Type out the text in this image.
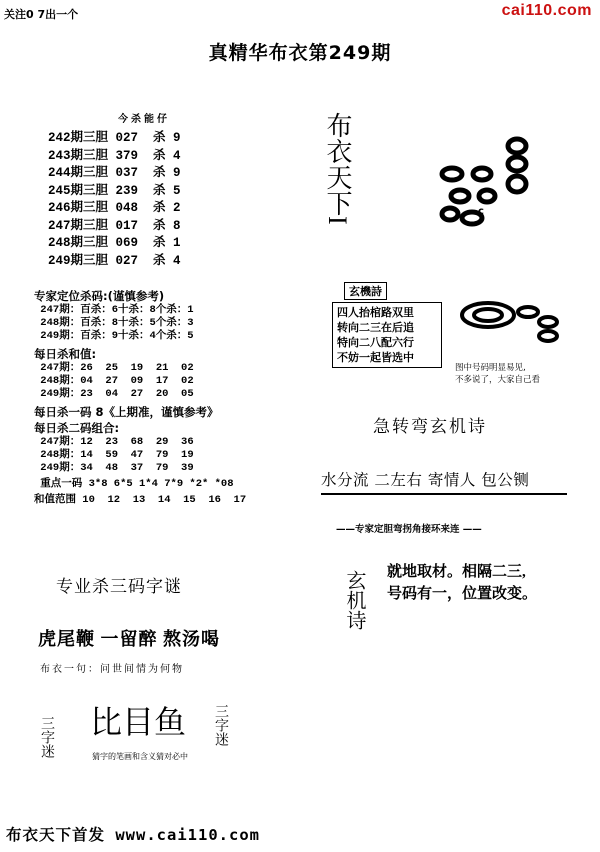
关注0 7出一个	cai110.com
真精华布衣第249期
今杀能仔
242期三胆 027  杀 9
243期三胆 379  杀 4
244期三胆 037  杀 9
245期三胆 239  杀 5
246期三胆 048  杀 2
247期三胆 017  杀 8
248期三胆 069  杀 1
249期三胆 027  杀 4
专家定位杀码:(谨慎参考)
247期：百杀：6十杀：8个杀：1
248期：百杀：8十杀：5个杀：3
249期：百杀：9十杀：4个杀：5
每日杀和值:
247期：26  25  19  21  02
248期：04  27  09  17  02
249期：23  04  27  20  05
每日杀一码 8《上期准，谨慎参考》
每日杀二码组合:
247期：12  23  68  29  36
248期：14  59  47  79  19
249期：34  48  37  79  39
重点一码 3*8 6*5 1*4 7*9 *2* *08
和值范围 10  12  13  14  15  16  17
布衣天下I	c
玄機詩
四人抬棺路双里
转向二三在后追
特向二八配六行
不妨一起皆选中
图中号码明显易见,
不多说了，大家自己看
急转弯玄机诗
水分流 二左右 寄情人 包公铡
——专家定胆弯拐角接环来连 ——
玄机诗	就地取材。相隔二三,
号码有一，位置改变。
专业杀三码字谜
虎尾鞭 一留醉 熬汤喝
布衣一句：问世间情为何物
三字迷 比目鱼 三字迷
猜字的笔画和含义猜对必中
布衣天下首发 www.cai110.com
